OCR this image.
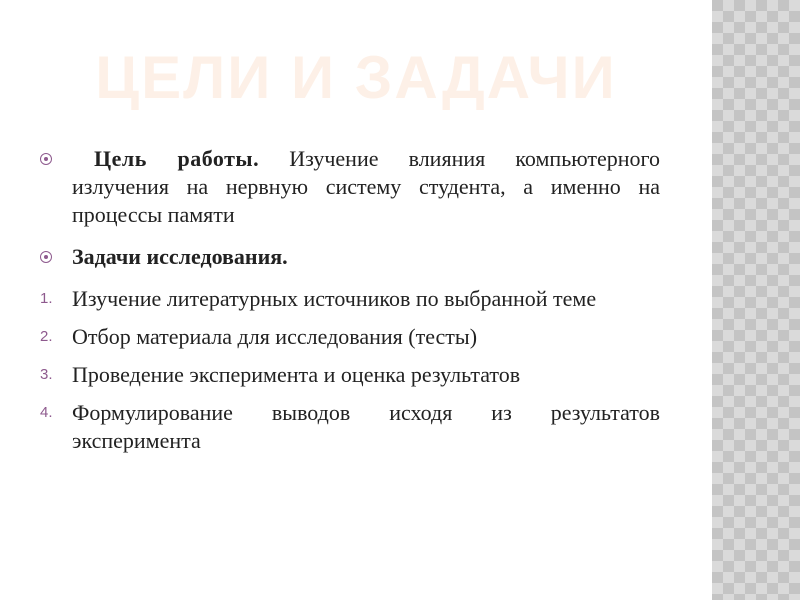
ЦЕЛИ И ЗАДАЧИ
Цель работы. Изучение влияния компьютерного излучения на нервную систему студента, а именно на процессы памяти
Задачи исследования.
1. Изучение литературных источников по выбранной теме
2. Отбор материала для исследования (тесты)
3. Проведение эксперимента и оценка результатов
4. Формулирование выводов исходя из результатов эксперимента
